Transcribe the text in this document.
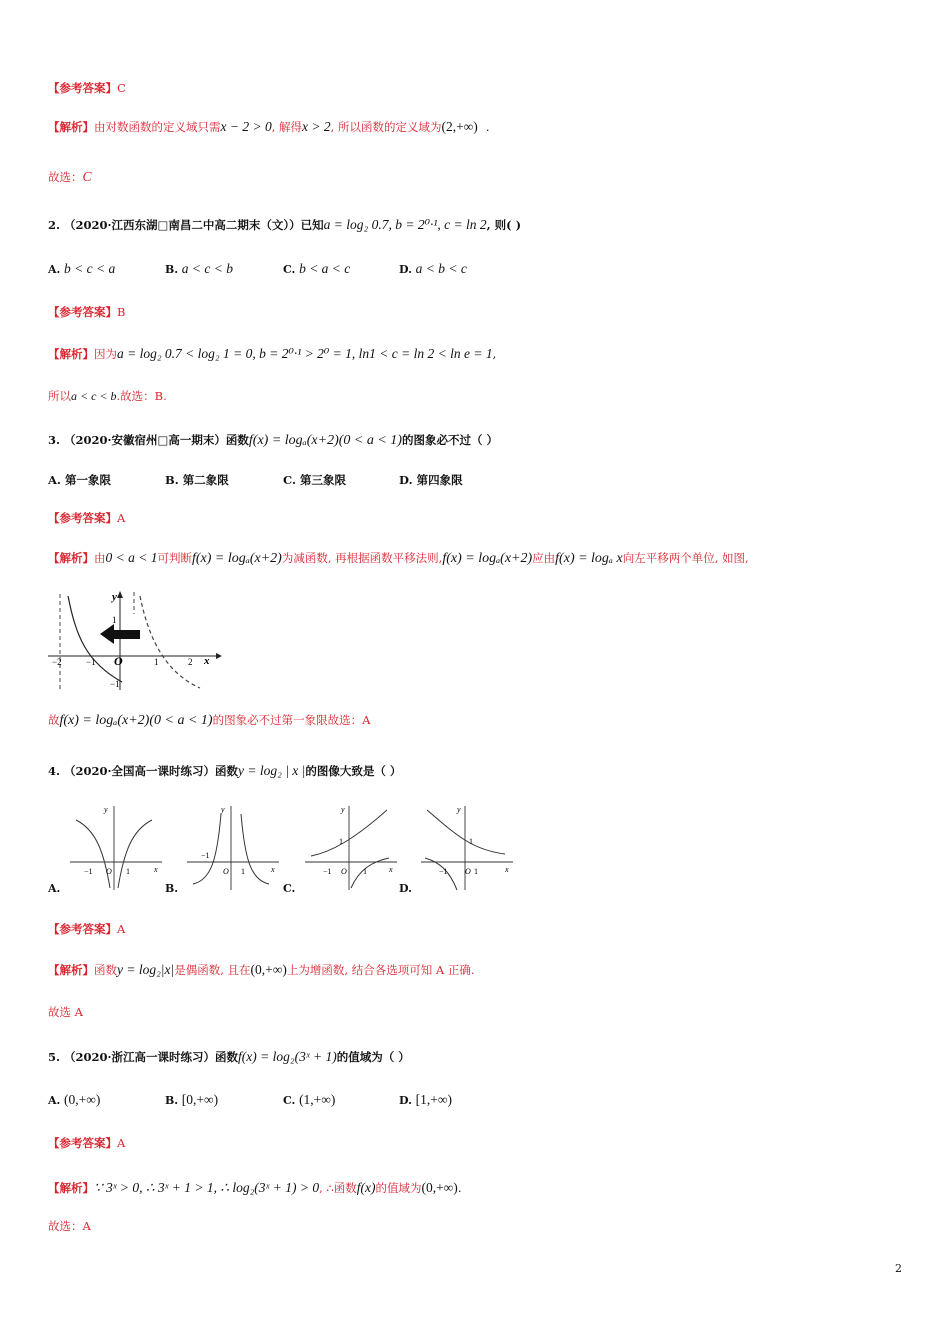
【参考答案】C
【解析】由对数函数的定义域只需x − 2 > 0, 解得x > 2, 所以函数的定义域为(2,+∞) .
故选：C
2. （2020·江西东湖□南昌二中高二期末（文））已知a = log₂ 0.7, b = 2⁰·¹, c = ln 2, 则( )
A. b < c < a	B. a < c < b	C. b < a < c	D. a < b < c
【参考答案】B
【解析】因为a = log₂ 0.7 < log₂ 1 = 0, b = 2⁰·¹ > 2⁰ = 1, ln1 < c = ln 2 < ln e = 1,
所以a < c < b.故选：B.
3. （2020·安徽宿州□高一期末）函数f(x) = logₐ(x+2)(0 < a < 1)的图象必不过（ ）
A. 第一象限	B. 第二象限	C. 第三象限	D. 第四象限
【参考答案】A
【解析】由0 < a < 1可判断f(x) = logₐ(x+2)为减函数, 再根据函数平移法则,f(x) = logₐ(x+2)应由f(x) = logₐ x向左平移两个单位, 如图,
y
x
O
1
−1
−2	−1	1	2
故f(x) = logₐ(x+2)(0 < a < 1)的图象必不过第一象限故选：A
4. （2020·全国高一课时练习）函数y = log₂ | x |的图像大致是（ ）
A.
y
x
−1 O 1
B.
y
x
−1
O 1
C.
y
x
1
−1 O 1
D.
y
x
1
−1 O 1
【参考答案】A
【解析】函数y = log₂|x|是偶函数, 且在(0,+∞)上为增函数, 结合各选项可知 A 正确.
故选 A
5. （2020·浙江高一课时练习）函数f(x) = log₂(3ˣ + 1)的值域为（ ）
A. (0,+∞)	B. [0,+∞)	C. (1,+∞)	D. [1,+∞)
【参考答案】A
【解析】∵ 3ˣ > 0, ∴ 3ˣ + 1 > 1, ∴ log₂(3ˣ + 1) > 0, ∴函数f(x)的值域为(0,+∞).
故选：A
2
